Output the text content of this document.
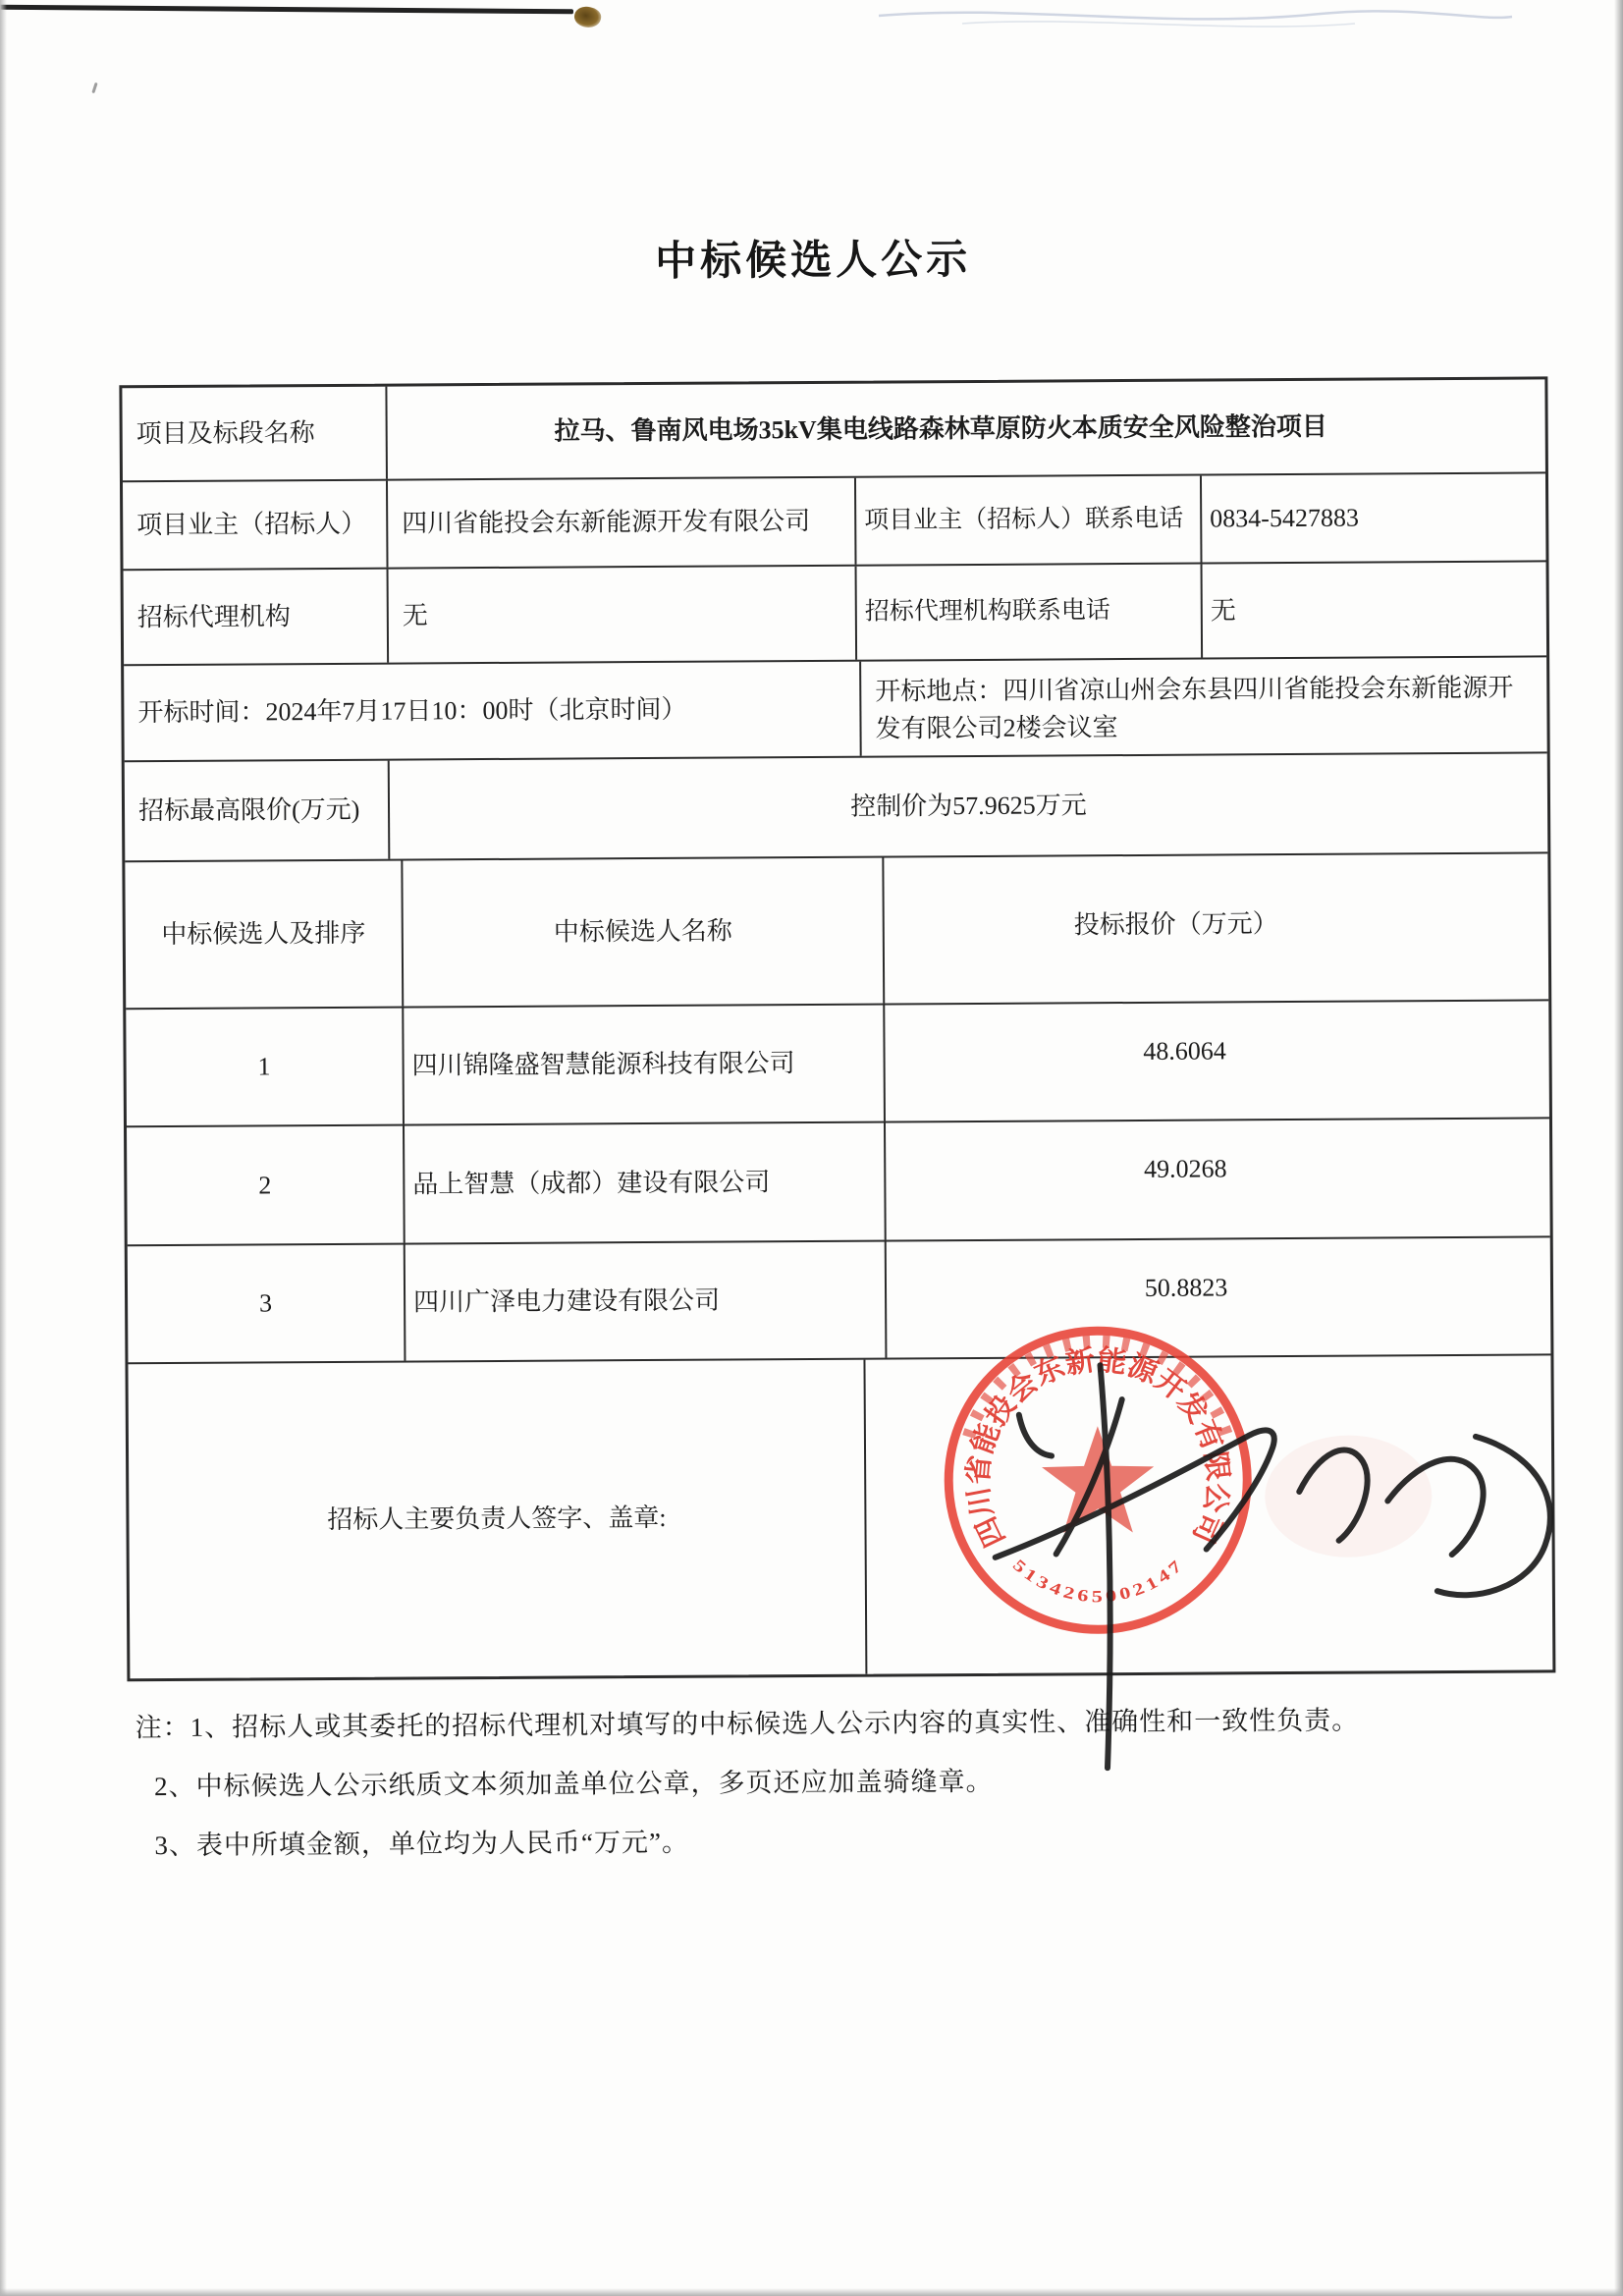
中标候选人公示
项目及标段名称	拉马、鲁南风电场35kV集电线路森林草原防火本质安全风险整治项目
项目业主（招标人）	四川省能投会东新能源开发有限公司	项目业主（招标人）联系电话	0834-5427883
招标代理机构	无	招标代理机构联系电话	无
开标时间：2024年7月17日10：00时（北京时间）
开标地点：四川省凉山州会东县四川省能投会东新能源开发有限公司2楼会议室
招标最高限价(万元)	控制价为57.9625万元
中标候选人及排序	中标候选人名称	投标报价（万元）
1	四川锦隆盛智慧能源科技有限公司	48.6064
2	品上智慧（成都）建设有限公司	49.0268
3	四川广泽电力建设有限公司	50.8823
招标人主要负责人签字、盖章:	四川省能投会东新能源开发有限公司
5134265002147
注：1、招标人或其委托的招标代理机对填写的中标候选人公示内容的真实性、准确性和一致性负责。
2、中标候选人公示纸质文本须加盖单位公章，多页还应加盖骑缝章。
3、表中所填金额，单位均为人民币“万元”。
